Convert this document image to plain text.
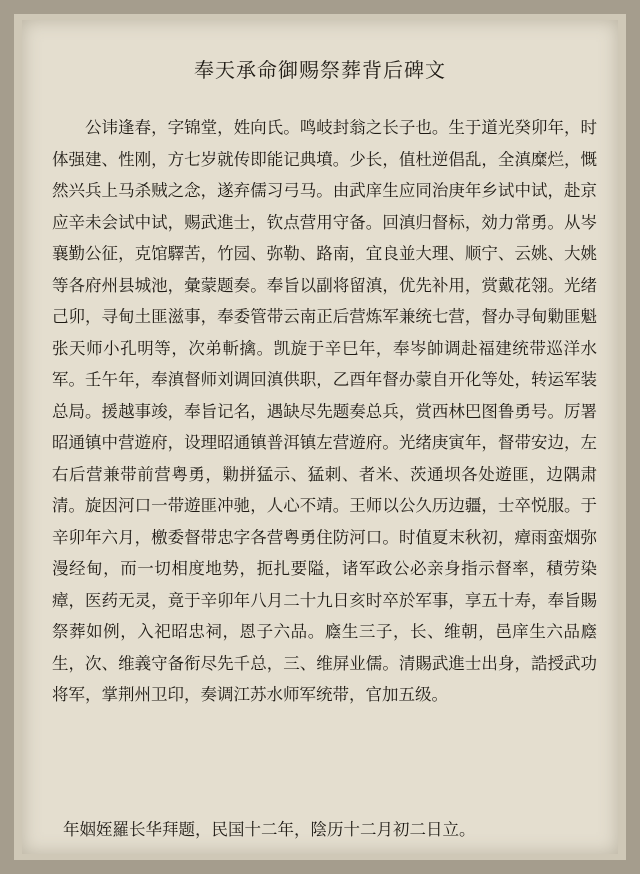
奉天承命御赐祭葬背后碑文
公讳逢春，字锦堂，姓向氏。鸣岐封翁之长子也。生于道光癸卯年，时体强建、性刚，方七岁就传即能记典墳。少长，值杜逆倡乱，全滇糜烂，慨然兴兵上马杀贼之念，遂弃儒习弓马。由武庠生应同治庚年乡试中试，赴京应辛未会试中试，赐武進士，钦点营用守备。回滇归督标，効力常勇。从岑襄勤公征，克馆驛苦，竹园、弥勒、路南，宜良並大理、顺宁、云姚、大姚等各府州县城池，彙蒙题奏。奉旨以副将留滇，优先补用，赏戴花翎。光绪己卯，寻甸土匪滋事，奉委管带云南正后营炼军兼统七营，督办寻甸勦匪魁张天师小孔明等，次弟斬擒。凯旋于辛巳年，奉岑帥调赴福建统带巡洋水军。壬午年，奉滇督师刘调回滇供职，乙酉年督办蒙自开化等处，转运军装总局。援越事竣，奉旨记名，遇缺尽先题奏总兵，赏西林巴图鲁勇号。厉署昭通镇中营遊府，设理昭通镇普洱镇左营遊府。光绪庚寅年，督带安边，左右后营兼带前营粤勇，勦拼猛示、猛刺、者米、茨通坝各处遊匪，边隅肃清。旋因河口一带遊匪冲驰，人心不靖。王师以公久历边疆，士卒悦服。于辛卯年六月，檄委督带忠字各营粤勇住防河口。时值夏末秋初，瘴雨蛮烟弥漫经甸，而一切相度地势，扼扎要隘，诸军政公必亲身指示督率，積劳染瘴，医药无灵，竟于辛卯年八月二十九日亥时卒於军事，享五十寿，奉旨賜祭葬如例，入祀昭忠祠，恩子六品。廕生三子，长、维朝，邑庠生六品廕生，次、维義守备衔尽先千总，三、维屏业儒。清賜武進士出身，誥授武功将军，掌荆州卫印，奏调江苏水师军统带，官加五级。
年姻姪羅长华拜题，民国十二年，陰历十二月初二日立。
